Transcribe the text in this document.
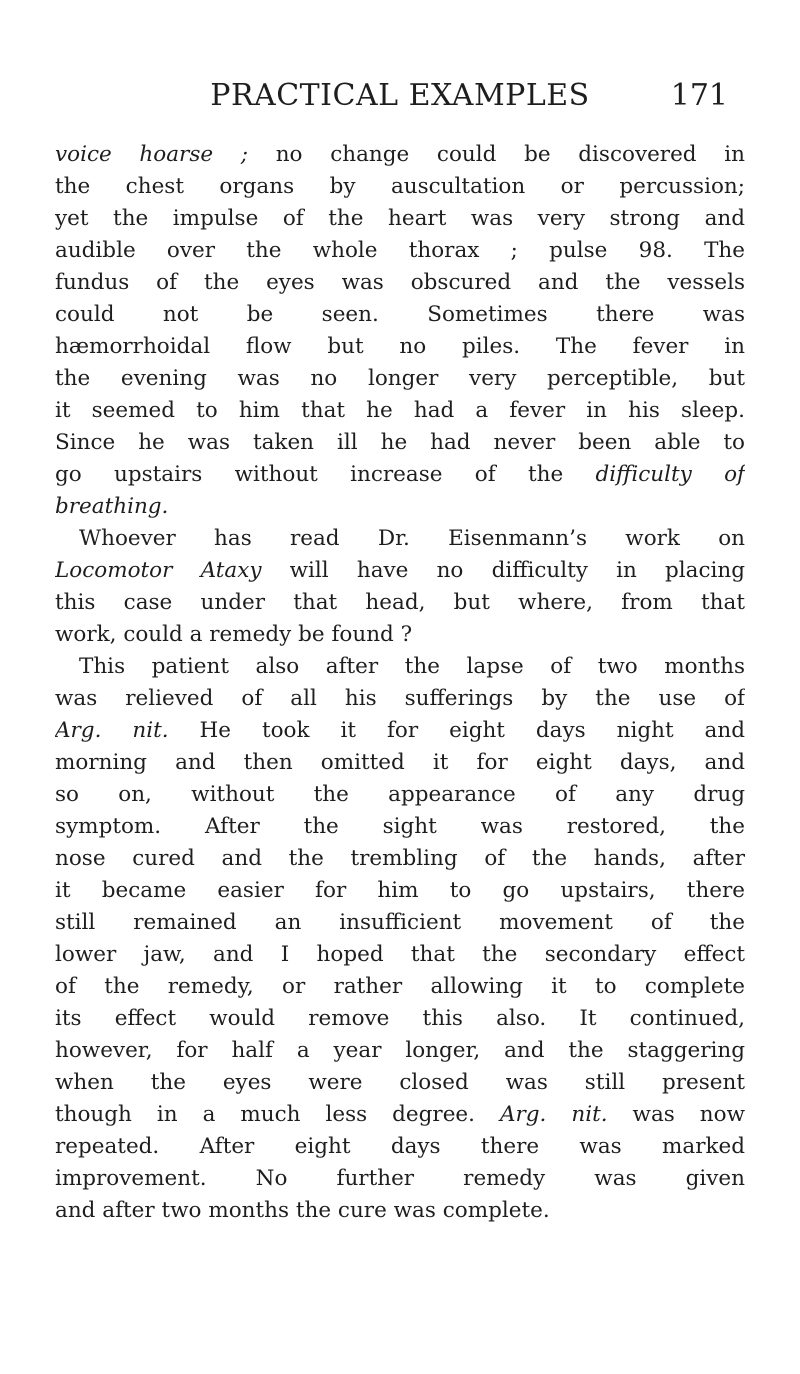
PRACTICAL EXAMPLES	171
voice hoarse ; no change could be discovered in
the chest organs by auscultation or percussion;
yet the impulse of the heart was very strong and
audible over the whole thorax ; pulse 98. The
fundus of the eyes was obscured and the vessels
could not be seen. Sometimes there was
hæmorrhoidal flow but no piles. The fever in
the evening was no longer very perceptible, but
it seemed to him that he had a fever in his sleep.
Since he was taken ill he had never been able to
go upstairs without increase of the difficulty of
breathing.
Whoever has read Dr. Eisenmann’s work on
Locomotor Ataxy will have no difficulty in placing
this case under that head, but where, from that
work, could a remedy be found ?
This patient also after the lapse of two months
was relieved of all his sufferings by the use of
Arg. nit. He took it for eight days night and
morning and then omitted it for eight days, and
so on, without the appearance of any drug
symptom. After the sight was restored, the
nose cured and the trembling of the hands, after
it became easier for him to go upstairs, there
still remained an insufficient movement of the
lower jaw, and I hoped that the secondary effect
of the remedy, or rather allowing it to complete
its effect would remove this also. It continued,
however, for half a year longer, and the staggering
when the eyes were closed was still present
though in a much less degree. Arg. nit. was now
repeated. After eight days there was marked
improvement. No further remedy was given
and after two months the cure was complete.
